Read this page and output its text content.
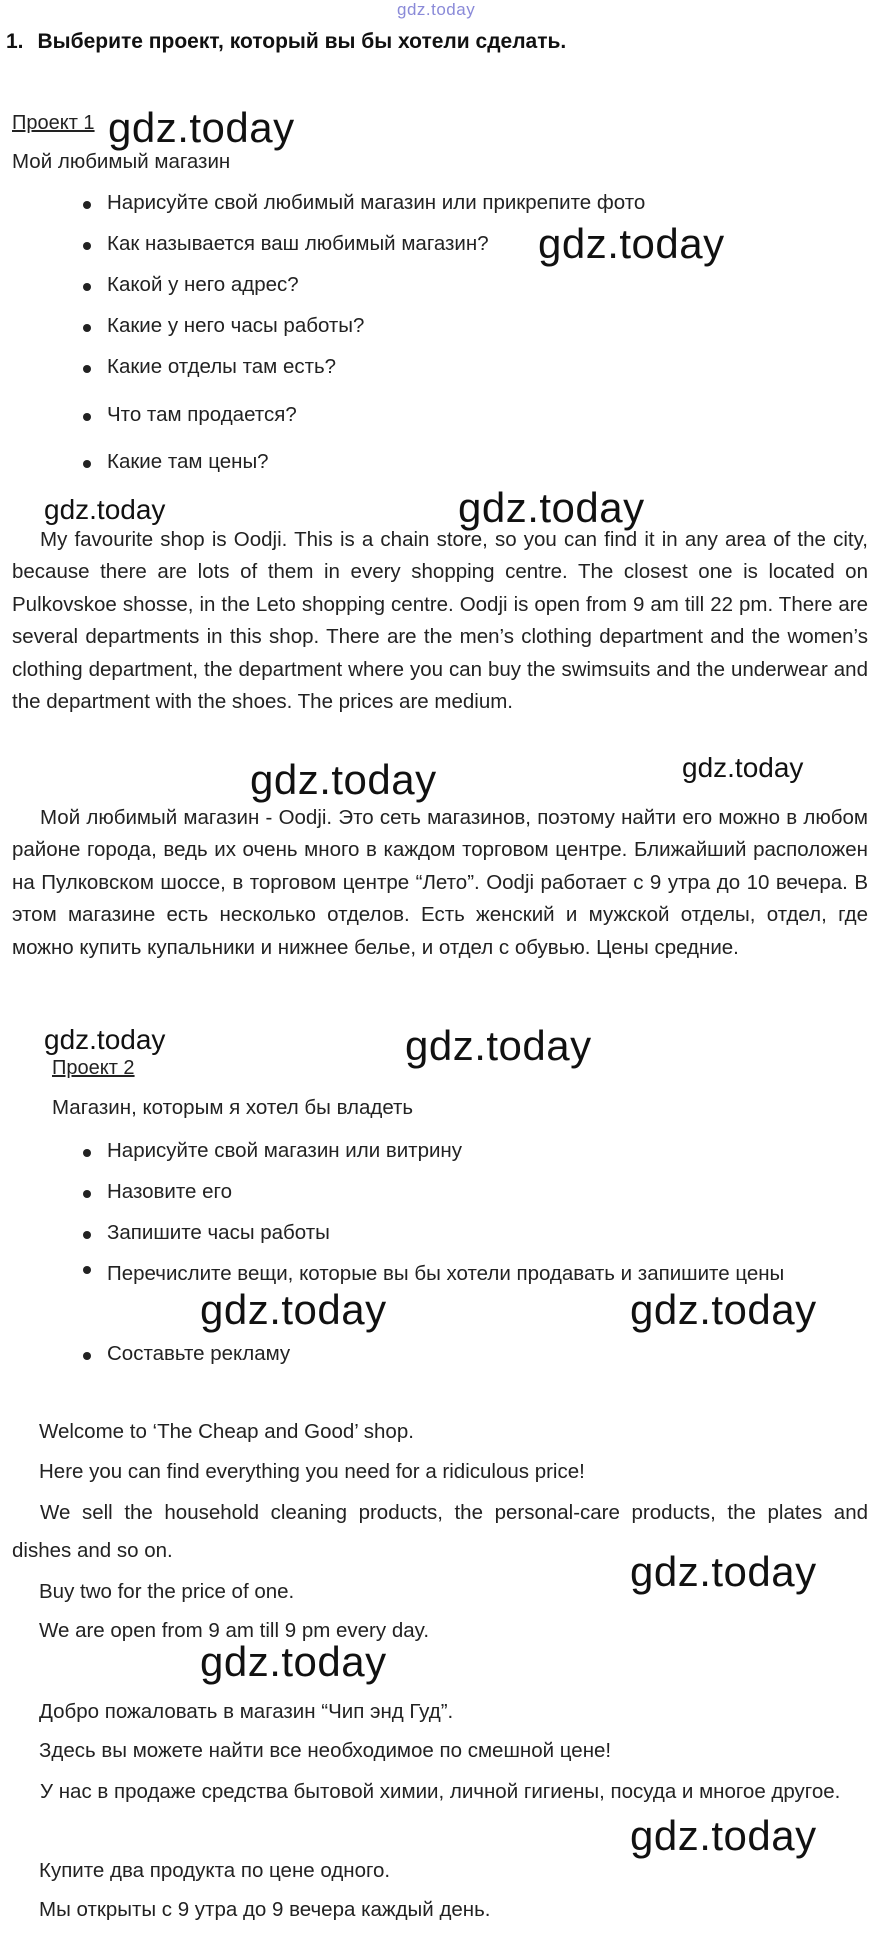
gdz.today
1. Выберите проект, который вы бы хотели сделать.
Проект 1
Мой любимый магазин
Нарисуйте свой любимый магазин или прикрепите фото
Как называется ваш любимый магазин?
Какой у него адрес?
Какие у него часы работы?
Какие отделы там есть?
Что там продается?
Какие там цены?

My favourite shop is Oodji. This is a chain store, so you can find it in any area of the city, because there are lots of them in every shopping centre. The closest one is located on Pulkovskoe shosse, in the Leto shopping centre. Oodji is open from 9 am till 22 pm. There are several departments in this shop. There are the men’s clothing department and the women’s clothing department, the department where you can buy the swimsuits and the underwear and the department with the shoes. The prices are medium.

Мой любимый магазин - Oodji. Это сеть магазинов, поэтому найти его можно в любом районе города, ведь их очень много в каждом торговом центре. Ближайший расположен на Пулковском шоссе, в торговом центре “Лето”. Oodji работает с 9 утра до 10 вечера. В этом магазине есть несколько отделов. Есть женский и мужской отделы, отдел, где можно купить купальники и нижнее белье, и отдел с обувью. Цены средние.

Проект 2
Магазин, которым я хотел бы владеть
Нарисуйте свой магазин или витрину
Назовите его
Запишите часы работы
Перечислите вещи, которые вы бы хотели продавать и запишите цены
Составьте рекламу
Welcome to ‘The Cheap and Good’ shop.
Here you can find everything you need for a ridiculous price!

We sell the household cleaning products, the personal-care products, the plates and dishes and so on.

Buy two for the price of one.
We are open from 9 am till 9 pm every day.
Добро пожаловать в магазин “Чип энд Гуд”.
Здесь вы можете найти все необходимое по смешной цене!

У нас в продаже средства бытовой химии, личной гигиены, посуда и многое другое.

Купите два продукта по цене одного.
Мы открыты с 9 утра до 9 вечера каждый день.
gdz.today
gdz.today
gdz.today	gdz.today
gdz.today	gdz.today
gdz.today	gdz.today
gdz.today	gdz.today
gdz.today
gdz.today
gdz.today
